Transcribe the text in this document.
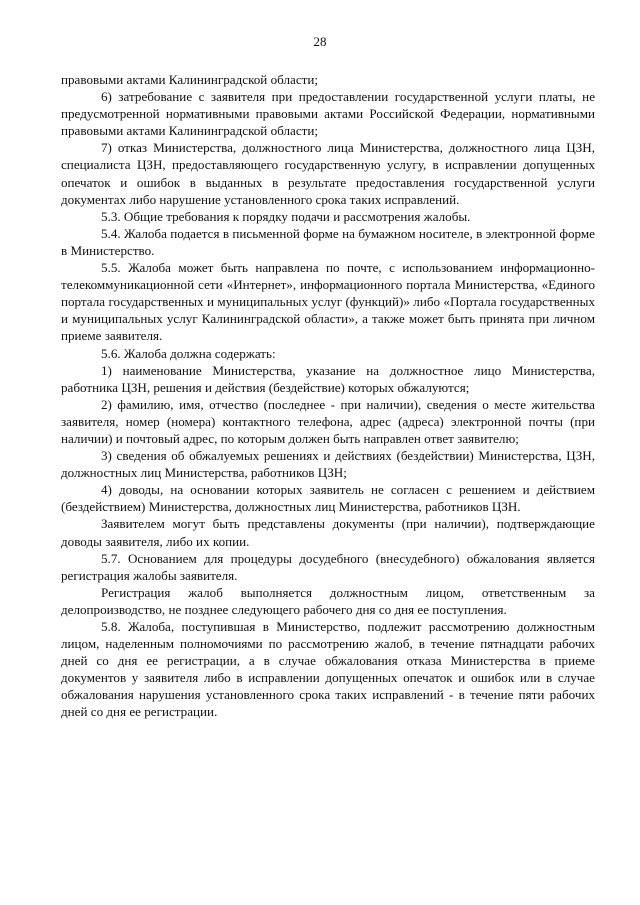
28

правовыми актами Калининградской области;

6) затребование с заявителя при предоставлении государственной услуги платы, не предусмотренной нормативными правовыми актами Российской Федерации, нормативными правовыми актами Калининградской области;

7) отказ Министерства, должностного лица Министерства, должностного лица ЦЗН, специалиста ЦЗН, предоставляющего государственную услугу, в исправлении допущенных опечаток и ошибок в выданных в результате предоставления государственной услуги документах либо нарушение установленного срока таких исправлений.

5.3. Общие требования к порядку подачи и рассмотрения жалобы.

5.4. Жалоба подается в письменной форме на бумажном носителе, в электронной форме в Министерство.

5.5. Жалоба может быть направлена по почте, с использованием информационно-телекоммуникационной сети «Интернет», информационного портала Министерства, «Единого портала государственных и муниципальных услуг (функций)» либо «Портала государственных и муниципальных услуг Калининградской области», а также может быть принята при личном приеме заявителя.

5.6. Жалоба должна содержать:

1) наименование Министерства, указание на должностное лицо Министерства, работника ЦЗН, решения и действия (бездействие) которых обжалуются;

2) фамилию, имя, отчество (последнее - при наличии), сведения о месте жительства заявителя, номер (номера) контактного телефона, адрес (адреса) электронной почты (при наличии) и почтовый адрес, по которым должен быть направлен ответ заявителю;

3) сведения об обжалуемых решениях и действиях (бездействии) Министерства, ЦЗН, должностных лиц Министерства, работников ЦЗН;

4) доводы, на основании которых заявитель не согласен с решением и действием (бездействием) Министерства, должностных лиц Министерства, работников ЦЗН.

Заявителем могут быть представлены документы (при наличии), подтверждающие доводы заявителя, либо их копии.

5.7. Основанием для процедуры досудебного (внесудебного) обжалования является регистрация жалобы заявителя.

Регистрация жалоб выполняется должностным лицом, ответственным за делопроизводство, не позднее следующего рабочего дня со дня ее поступления.

5.8. Жалоба, поступившая в Министерство, подлежит рассмотрению должностным лицом, наделенным полномочиями по рассмотрению жалоб, в течение пятнадцати рабочих дней со дня ее регистрации, а в случае обжалования отказа Министерства в приеме документов у заявителя либо в исправлении допущенных опечаток и ошибок или в случае обжалования нарушения установленного срока таких исправлений - в течение пяти рабочих дней со дня ее регистрации.
